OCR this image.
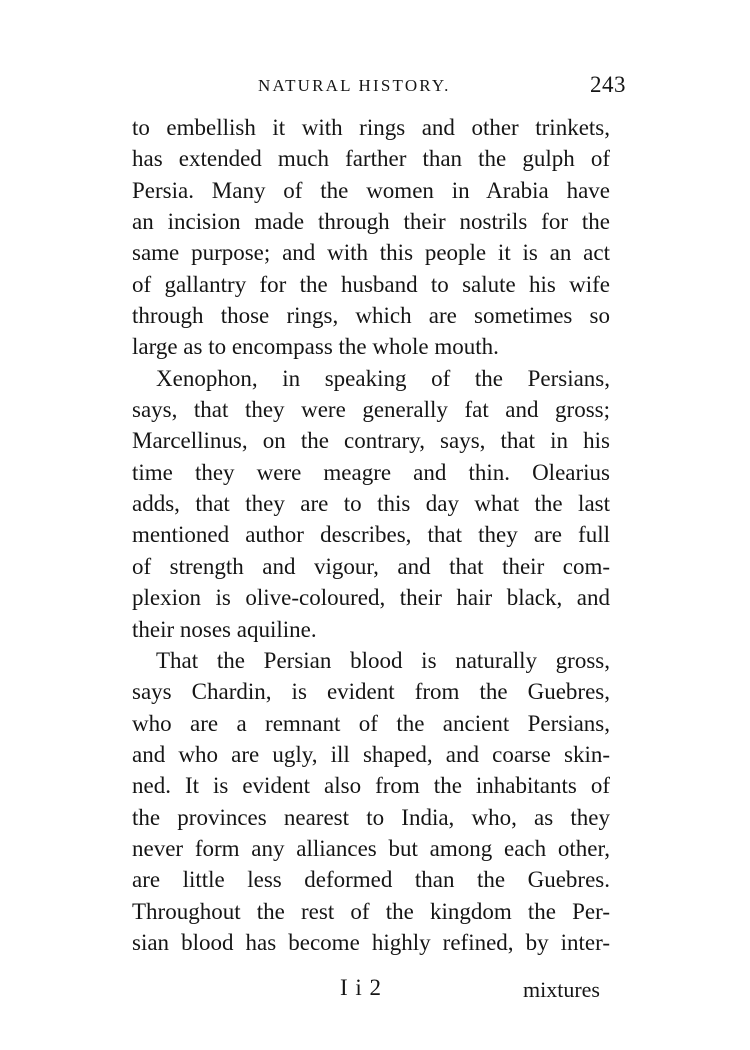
NATURAL HISTORY.	243
to embellish it with rings and other trinkets,
has extended much farther than the gulph of
Persia. Many of the women in Arabia have
an incision made through their nostrils for the
same purpose; and with this people it is an act
of gallantry for the husband to salute his wife
through those rings, which are sometimes so
large as to encompass the whole mouth.
Xenophon, in speaking of the Persians,
says, that they were generally fat and gross;
Marcellinus, on the contrary, says, that in his
time they were meagre and thin. Olearius
adds, that they are to this day what the last
mentioned author describes, that they are full
of strength and vigour, and that their com-
plexion is olive-coloured, their hair black, and
their noses aquiline.
That the Persian blood is naturally gross,
says Chardin, is evident from the Guebres,
who are a remnant of the ancient Persians,
and who are ugly, ill shaped, and coarse skin-
ned. It is evident also from the inhabitants of
the provinces nearest to India, who, as they
never form any alliances but among each other,
are little less deformed than the Guebres.
Throughout the rest of the kingdom the Per-
sian blood has become highly refined, by inter-
I i 2	mixtures
